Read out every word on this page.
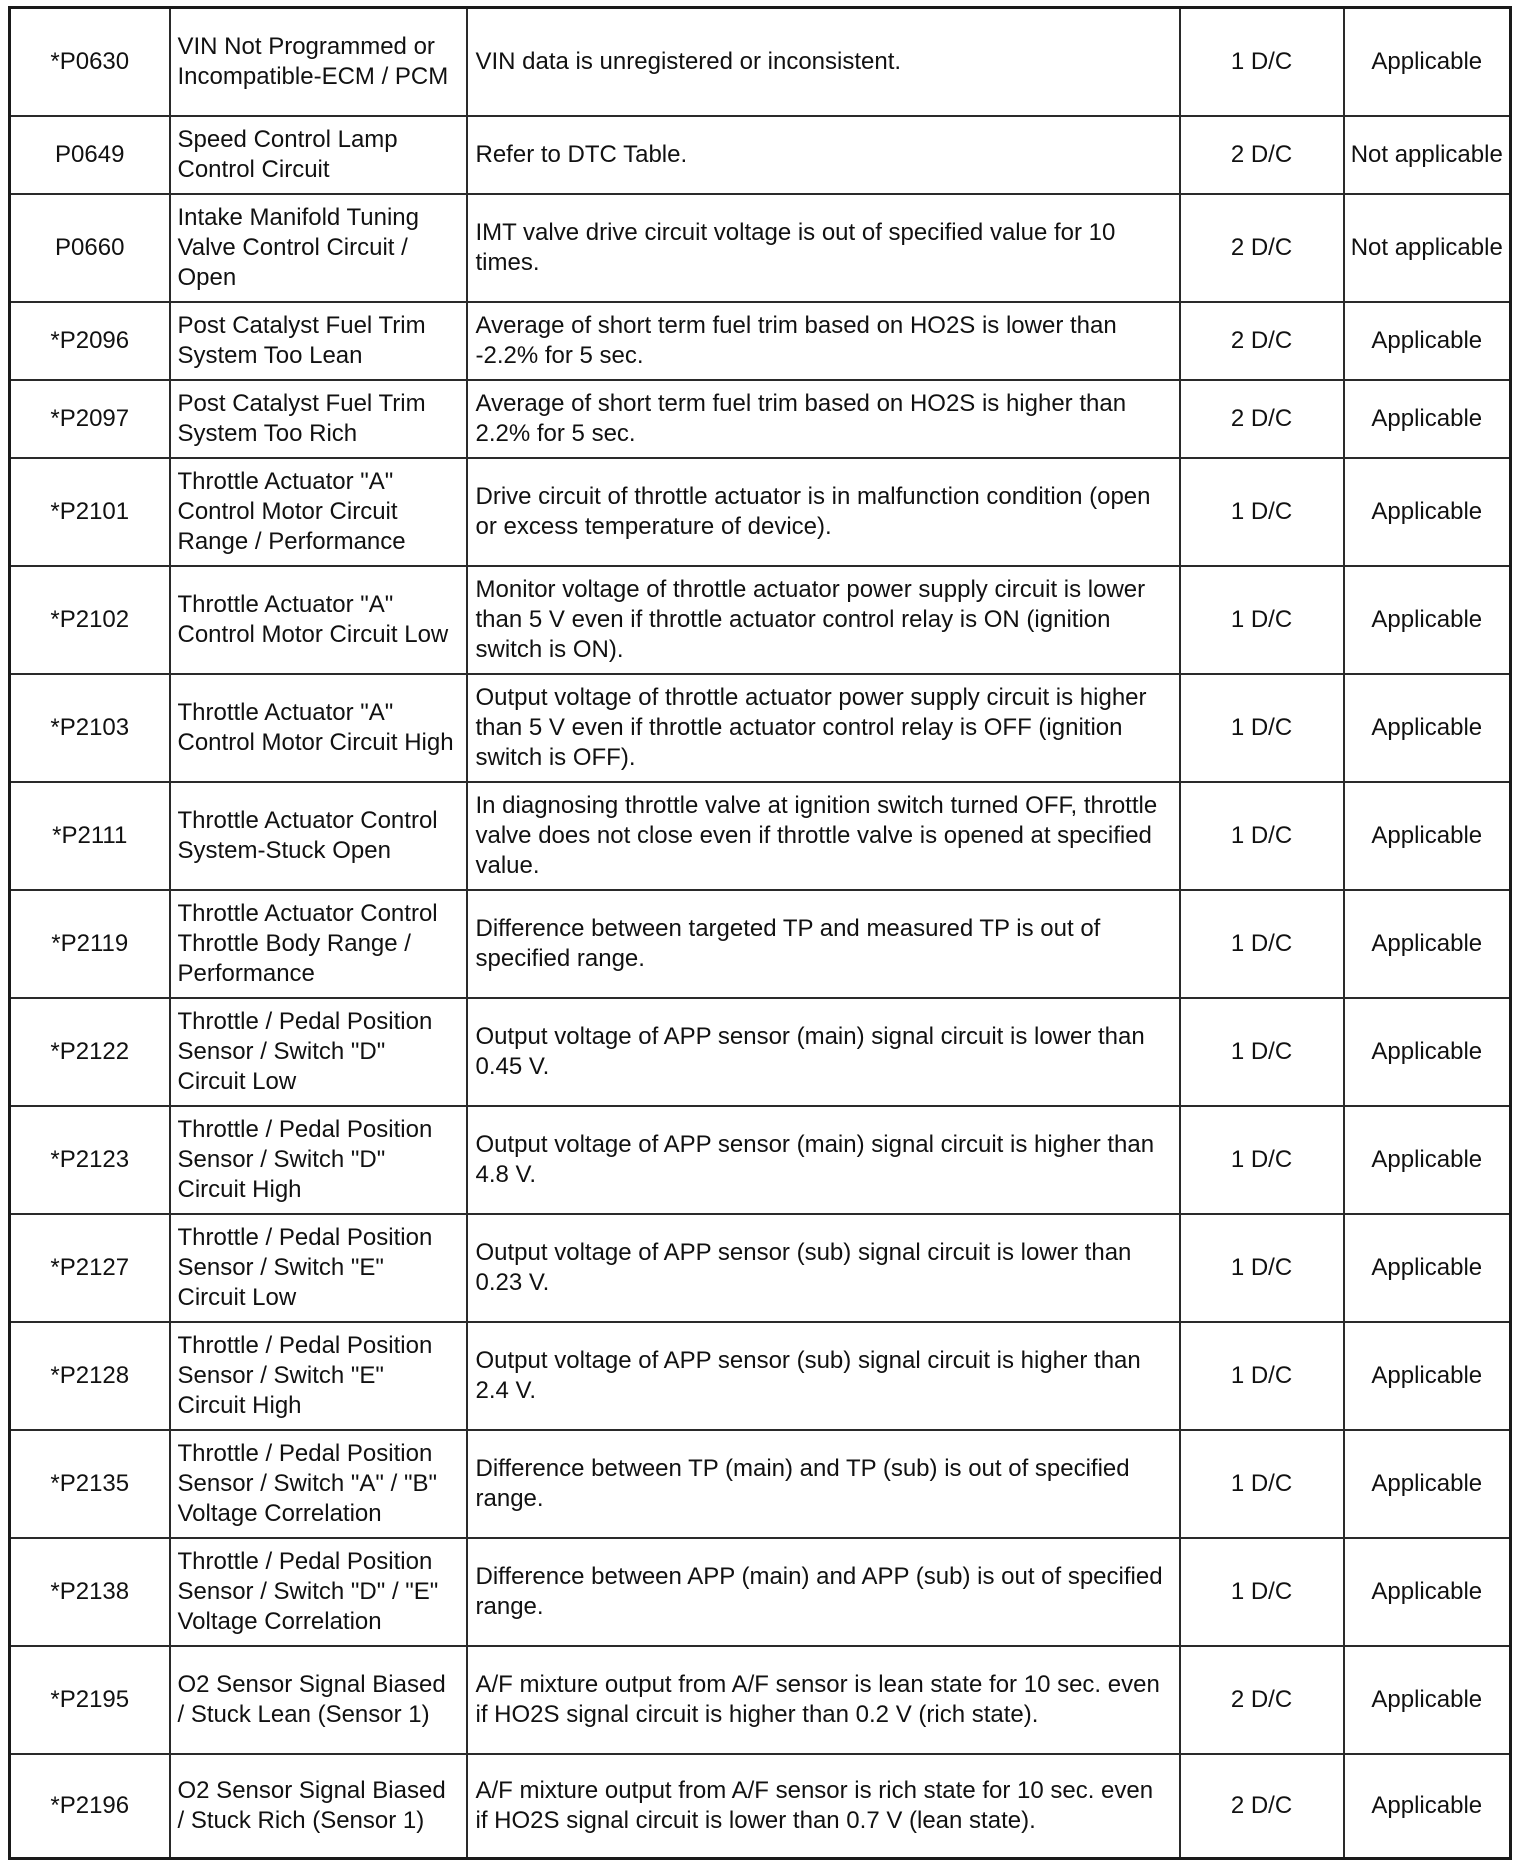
*P0630	VIN Not Programmed or Incompatible-ECM / PCM	VIN data is unregistered or inconsistent.	1 D/C	Applicable
P0649	Speed Control Lamp Control Circuit	Refer to DTC Table.	2 D/C	Not applicable
P0660	Intake Manifold Tuning Valve Control Circuit / Open	IMT valve drive circuit voltage is out of specified value for 10 times.	2 D/C	Not applicable
*P2096	Post Catalyst Fuel Trim System Too Lean	Average of short term fuel trim based on HO2S is lower than -2.2% for 5 sec.	2 D/C	Applicable
*P2097	Post Catalyst Fuel Trim System Too Rich	Average of short term fuel trim based on HO2S is higher than 2.2% for 5 sec.	2 D/C	Applicable
*P2101	Throttle Actuator "A" Control Motor Circuit Range / Performance	Drive circuit of throttle actuator is in malfunction condition (open or excess temperature of device).	1 D/C	Applicable
*P2102	Throttle Actuator "A" Control Motor Circuit Low	Monitor voltage of throttle actuator power supply circuit is lower than 5 V even if throttle actuator control relay is ON (ignition switch is ON).	1 D/C	Applicable
*P2103	Throttle Actuator "A" Control Motor Circuit High	Output voltage of throttle actuator power supply circuit is higher than 5 V even if throttle actuator control relay is OFF (ignition switch is OFF).	1 D/C	Applicable
*P2111	Throttle Actuator Control System-Stuck Open	In diagnosing throttle valve at ignition switch turned OFF, throttle valve does not close even if throttle valve is opened at specified value.	1 D/C	Applicable
*P2119	Throttle Actuator Control Throttle Body Range / Performance	Difference between targeted TP and measured TP is out of specified range.	1 D/C	Applicable
*P2122	Throttle / Pedal Position Sensor / Switch "D" Circuit Low	Output voltage of APP sensor (main) signal circuit is lower than 0.45 V.	1 D/C	Applicable
*P2123	Throttle / Pedal Position Sensor / Switch "D" Circuit High	Output voltage of APP sensor (main) signal circuit is higher than 4.8 V.	1 D/C	Applicable
*P2127	Throttle / Pedal Position Sensor / Switch "E" Circuit Low	Output voltage of APP sensor (sub) signal circuit is lower than 0.23 V.	1 D/C	Applicable
*P2128	Throttle / Pedal Position Sensor / Switch "E" Circuit High	Output voltage of APP sensor (sub) signal circuit is higher than 2.4 V.	1 D/C	Applicable
*P2135	Throttle / Pedal Position Sensor / Switch "A" / "B" Voltage Correlation	Difference between TP (main) and TP (sub) is out of specified range.	1 D/C	Applicable
*P2138	Throttle / Pedal Position Sensor / Switch "D" / "E" Voltage Correlation	Difference between APP (main) and APP (sub) is out of specified range.	1 D/C	Applicable
*P2195	O2 Sensor Signal Biased / Stuck Lean (Sensor 1)	A/F mixture output from A/F sensor is lean state for 10 sec. even if HO2S signal circuit is higher than 0.2 V (rich state).	2 D/C	Applicable
*P2196	O2 Sensor Signal Biased / Stuck Rich (Sensor 1)	A/F mixture output from A/F sensor is rich state for 10 sec. even if HO2S signal circuit is lower than 0.7 V (lean state).	2 D/C	Applicable
